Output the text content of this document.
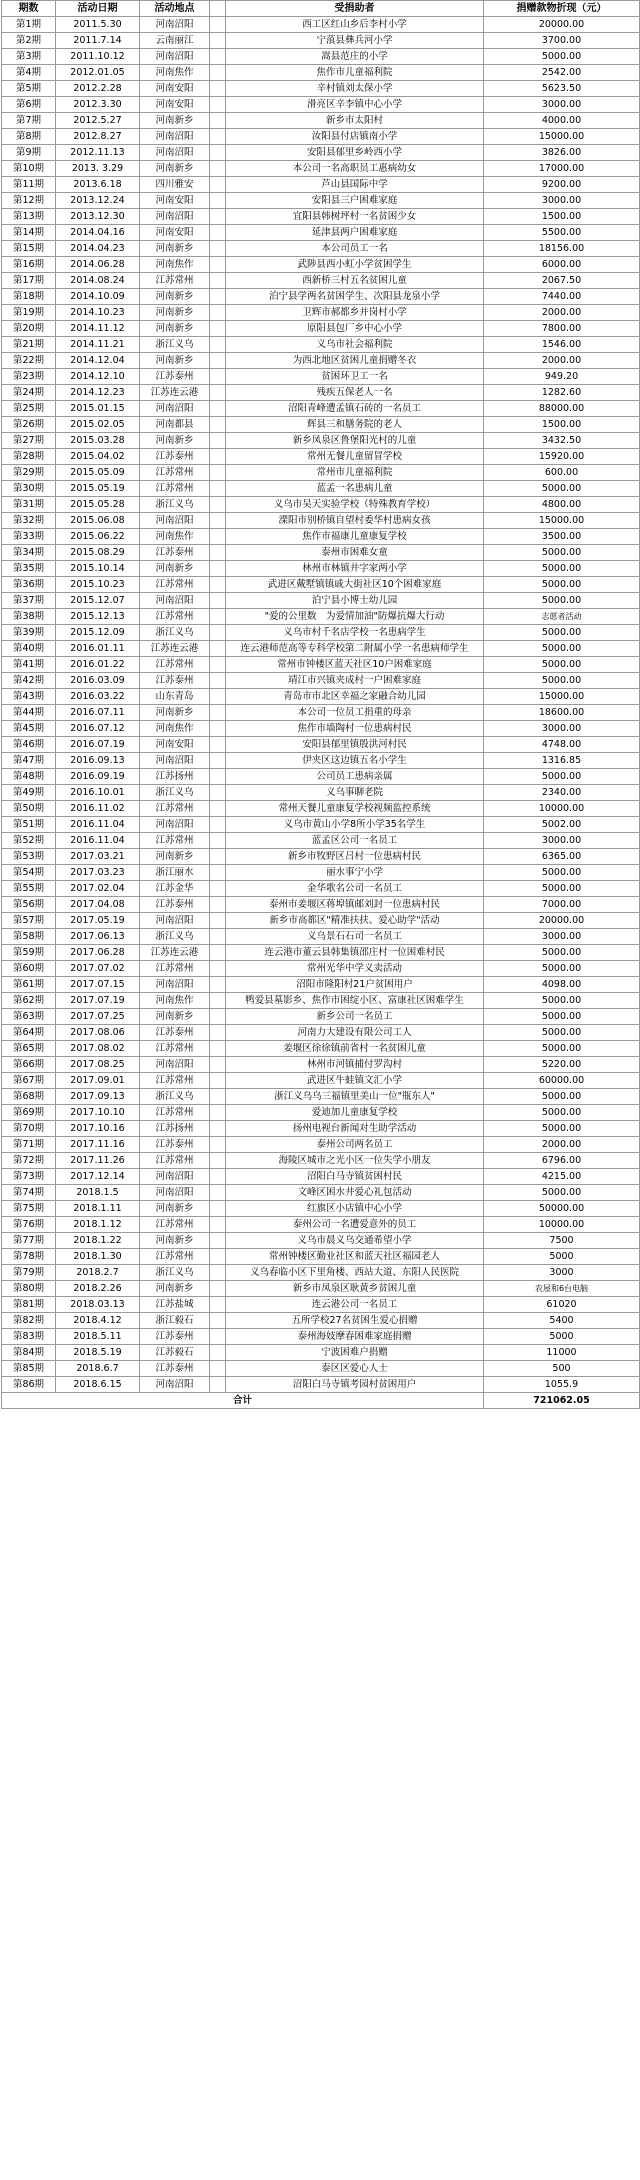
期数	活动日期	活动地点		受捐助者	捐赠款物折现（元）
第1期	2011.5.30	河南沼阳		西工区红山乡后李村小学	20000.00
第2期	2011.7.14	云南丽江		宁蒗县彝兵河小学	3700.00
第3期	2011.10.12	河南沼阳		嵩县范庄的小学	5000.00
第4期	2012.01.05	河南焦作		焦作市儿童福利院	2542.00
第5期	2012.2.28	河南安阳		辛村镇刘太保小学	5623.50
第6期	2012.3.30	河南安阳		滑亮区辛李镇中心小学	3000.00
第7期	2012.5.27	河南新乡		新乡市太阳村	4000.00
第8期	2012.8.27	河南沼阳		汝阳县付店镇南小学	15000.00
第9期	2012.11.13	河南沼阳		安阳县郁里乡岭西小学	3826.00
第10期	2013. 3.29	河南新乡		本公司一名高职员工惠病幼女	17000.00
第11期	2013.6.18	四川雅安		芦山县国际中学	9200.00
第12期	2013.12.24	河南安阳		安阳县三户困难家庭	3000.00
第13期	2013.12.30	河南沼阳		宜阳县韩树坪村一名贫困少女	1500.00
第14期	2014.04.16	河南安阳		延津县两户困难家庭	5500.00
第15期	2014.04.23	河南新乡		本公司员工一名	18156.00
第16期	2014.06.28	河南焦作		武陟县西小虹小学贫困学生	6000.00
第17期	2014.08.24	江苏常州		西新桥三村五名贫困儿童	2067.50
第18期	2014.10.09	河南新乡		泊宁县学两名贫困学生、次阳县龙泉小学	7440.00
第19期	2014.10.23	河南新乡		卫辉市郝都乡并岗村小学	2000.00
第20期	2014.11.12	河南新乡		原阳县包厂乡中心小学	7800.00
第21期	2014.11.21	浙江义乌		义乌市社会福利院	1546.00
第22期	2014.12.04	河南新乡		为西北地区贫困儿童捐赠冬衣	2000.00
第23期	2014.12.10	江苏泰州		贫困环卫工一名	949.20
第24期	2014.12.23	江苏连云港		残疾五保老人一名	1282.60
第25期	2015.01.15	河南沼阳		沼阳青峰遭孟镇石砖的一名员工	88000.00
第26期	2015.02.05	河南都县		辉县三和膳务院的老人	1500.00
第27期	2015.03.28	河南新乡		新乡凤泉区鲁堡阳光村的儿童	3432.50
第28期	2015.04.02	江苏泰州		常州无餐儿童留冒学校	15920.00
第29期	2015.05.09	江苏常州		常州市儿童福利院	600.00
第30期	2015.05.19	江苏常州		蓝孟一名患病儿童	5000.00
第31期	2015.05.28	浙江义乌		义乌市吴天实验学校（特殊教育学校）	4800.00
第32期	2015.06.08	河南沼阳		溧阳市别桥镇自望村委华村患病女孩	15000.00
第33期	2015.06.22	河南焦作		焦作市福康儿童康复学校	3500.00
第34期	2015.08.29	江苏泰州		泰州市困难女童	5000.00
第35期	2015.10.14	河南新乡		林州市林镇井字家两小学	5000.00
第36期	2015.10.23	江苏常州		武进区戴墅镇镇戚大街社区10个困难家庭	5000.00
第37期	2015.12.07	河南沼阳		泊宁县小博士幼儿园	5000.00
第38期	2015.12.13	江苏常州		"爱的公里数　为爱情加油"防爆抗爆大行动	志愿者活动
第39期	2015.12.09	浙江义乌		义乌市村千名店学校一名患病学生	5000.00
第40期	2016.01.11	江苏连云港		连云港师范高等专科学校第二附属小学一名患病师学生	5000.00
第41期	2016.01.22	江苏常州		常州市钟楼区蓝天社区10户困难家庭	5000.00
第42期	2016.03.09	江苏泰州		靖江市兴镇夹成村一户困难家庭	5000.00
第43期	2016.03.22	山东青岛		青岛市市北区幸福之家融合幼儿园	15000.00
第44期	2016.07.11	河南新乡		本公司一位员工捐重的母亲	18600.00
第45期	2016.07.12	河南焦作		焦作市墙陶村一位患病村民	3000.00
第46期	2016.07.19	河南安阳		安阳县郁里镇殷洪河村民	4748.00
第47期	2016.09.13	河南沼阳		伊夹区这边镇五名小学生	1316.85
第48期	2016.09.19	江苏扬州		公司员工患病亲属	5000.00
第49期	2016.10.01	浙江义乌		义乌事聊老院	2340.00
第50期	2016.11.02	江苏常州		常州天餐儿童康复学校视频监控系统	10000.00
第51期	2016.11.04	河南沼阳		义乌市黄山小学8所小学35名学生	5002.00
第52期	2016.11.04	江苏常州		蓝孟区公司一名员工	3000.00
第53期	2017.03.21	河南新乡		新乡市牧野区吕村一位患病村民	6365.00
第54期	2017.03.23	浙江丽水		丽水事宁小学	5000.00
第55期	2017.02.04	江苏金华		金华歌名公司一名员工	5000.00
第56期	2017.04.08	江苏泰州		泰州市姜堰区蒋埠镇邮刘封一位患病村民	7000.00
第57期	2017.05.19	河南沼阳		新乡市高都区"精准扶扶、爱心助学"活动	20000.00
第58期	2017.06.13	浙江义乌		义乌景石石司一名员工	3000.00
第59期	2017.06.28	江苏连云港		连云港市董云县韩集镇邵庄村一位困难村民	5000.00
第60期	2017.07.02	江苏常州		常州光华中学义卖活动	5000.00
第61期	2017.07.15	河南沼阳		沼阳市隆阳村21户贫困用户	4098.00
第62期	2017.07.19	河南焦作		鸭爱县墓影乡、焦作市困绽小区、富康社区困难学生	5000.00
第63期	2017.07.25	河南新乡		新乡公司一名员工	5000.00
第64期	2017.08.06	江苏泰州		河南力大建设有限公司工人	5000.00
第65期	2017.08.02	江苏常州		姜堰区徐徐镇前省村一名贫困儿童	5000.00
第66期	2017.08.25	河南沼阳		林州市河镇捕付罗沟村	5220.00
第67期	2017.09.01	江苏常州		武进区牛蛙镇文汇小学	60000.00
第68期	2017.09.13	浙江义乌		浙江义乌乌三福镇里美山一位"瓶东人"	5000.00
第69期	2017.10.10	江苏常州		爱迪加儿童康复学校	5000.00
第70期	2017.10.16	江苏扬州		扬州电视台新闻对生助学活动	5000.00
第71期	2017.11.16	江苏泰州		泰州公司两名员工	2000.00
第72期	2017.11.26	江苏常州		海陵区城市之光小区一位失学小朋友	6796.00
第73期	2017.12.14	河南沼阳		沼阳白马寺镇贫困村民	4215.00
第74期	2018.1.5	河南沼阳		文峰区困水井爱心礼包活动	5000.00
第75期	2018.1.11	河南新乡		红旗区小店镇中心小学	50000.00
第76期	2018.1.12	江苏常州		泰州公司一名遭爱意外的员工	10000.00
第77期	2018.1.22	河南新乡		义乌市晨义乌交通希望小学	7500
第78期	2018.1.30	江苏常州		常州钟楼区勤业社区和蓝天社区福园老人	5000
第79期	2018.2.7	浙江义乌		义乌春临小区下里角楼、西站大道、东阳人民医院	3000
第80期	2018.2.26	河南新乡		新乡市凤泉区耿黄乡贫困儿童	农屋和6台电脑
第81期	2018.03.13	江苏盐城		连云港公司一名员工	61020
第82期	2018.4.12	浙江毅石		五所学校27名贫困生爱心捐赠	5400
第83期	2018.5.11	江苏泰州		泰州海妓摩春困难家庭捐赠	5000
第84期	2018.5.19	江苏毅石		宁波困难户捐赠	11000
第85期	2018.6.7	江苏泰州		泰区区爱心人士	500
第86期	2018.6.15	河南沼阳		沼阳白马寺镇考园村贫困用户	1055.9
合计					721062.05
